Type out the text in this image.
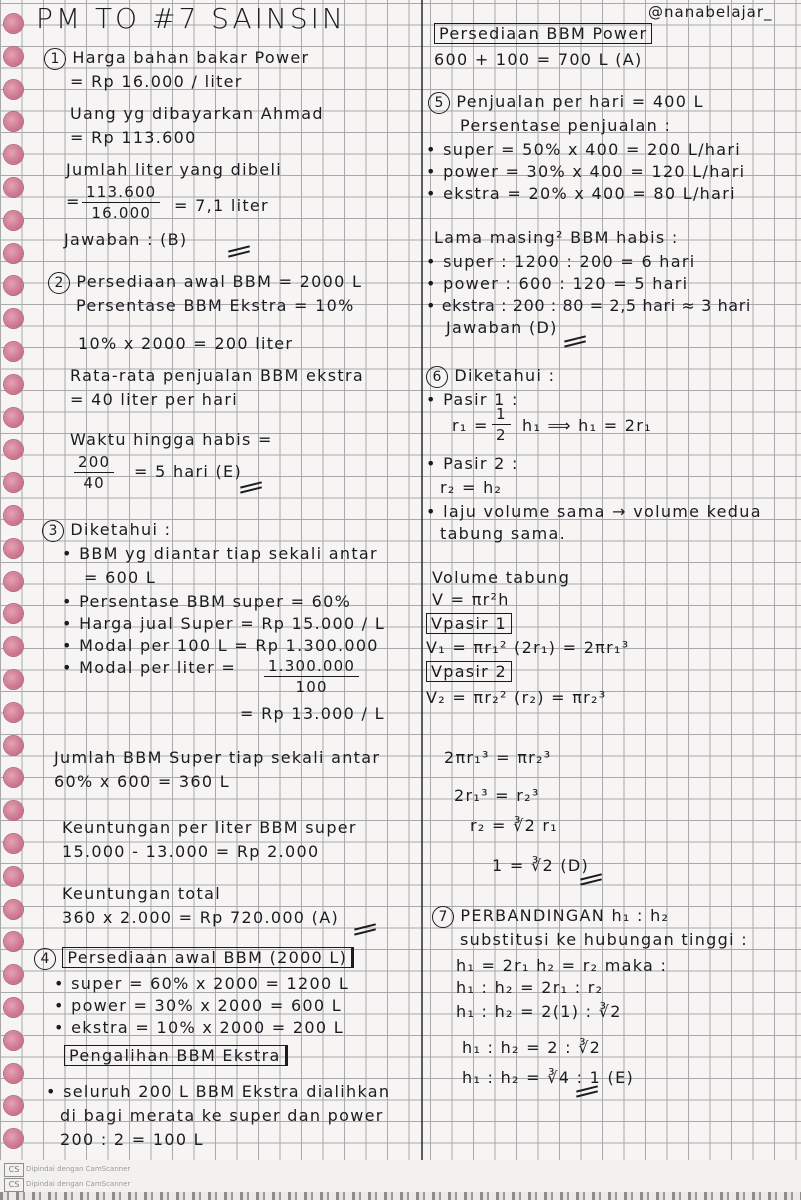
PM TO #7 SAINSIN
1 Harga bahan bakar Power
= Rp 16.000 / liter
Uang yg dibayarkan Ahmad
= Rp 113.600
Jumlah liter yang dibeli
= $\frac{113.600}{16.000} = 7,1$ liter
Jawaban : (B)
2 Persediaan awal BBM = 2000 L
Persentase BBM Ekstra = 10%
10% x 2000 = 200 liter
Rata-rata penjualan BBM ekstra
= 40 liter per hari
Waktu hingga habis =
$\frac{200}{40} = 5$ hari (E)
3 Diketahui :
• BBM yg diantar tiap sekali antar
= 600 L
• Persentase BBM super = 60%
• Harga jual Super = Rp 15.000 / L
• Modal per 100 L = Rp 1.300.000
• Modal per liter = $\frac{1.300.000}{100}$
= Rp 13.000 / L
Jumlah BBM Super tiap sekali antar
60% x 600 = 360 L
Keuntungan per liter BBM super
15.000 - 13.000 = Rp 2.000
Keuntungan total
360 x 2.000 = Rp 720.000 (A)
4 Persediaan awal BBM (2000 L)
• super = 60% x 2000 = 1200 L
• power = 30% x 2000 = 600 L
• ekstra = 10% x 2000 = 200 L
Pengalihan BBM Ekstra
• seluruh 200 L BBM Ekstra dialihkan
di bagi merata ke super dan power
200 : 2 = 100 L
@nanabelajar_
Persediaan BBM Power
600 + 100 = 700 L (A)
5 Penjualan per hari = 400 L
Persentase penjualan :
• super = 50% x 400 = 200 L/hari
• power = 30% x 400 = 120 L/hari
• ekstra = 20% x 400 = 80 L/hari
Lama masing² BBM habis :
• super : 1200 : 200 = 6 hari
• power : 600 : 120 = 5 hari
• ekstra : 200 : 80 = 2,5 hari ≈ 3 hari
Jawaban (D)
6 Diketahui :
• Pasir 1 :
$r_1 = \frac{1}{2} h_1$ ⟹ h₁ = 2r₁
• Pasir 2 :
r₂ = h₂
• laju volume sama → volume kedua
tabung sama.
Volume tabung
V = πr²h
Vpasir 1
V₁ = πr₁² (2r₁) = 2πr₁³
Vpasir 2
V₂ = πr₂² (r₂) = πr₂³
2πr₁³ = πr₂³
2r₁³ = r₂³
r₂ = ∛2 r₁
1 = ∛2 (D)
7 PERBANDINGAN h₁ : h₂
substitusi ke hubungan tinggi :
h₁ = 2r₁ h₂ = r₂ maka :
h₁ : h₂ = 2r₁ : r₂
h₁ : h₂ = 2(1) : ∛2
h₁ : h₂ = 2 : ∛2
h₁ : h₂ = ∛4 : 1 (E)
CS Dipindai dengan CamScanner
CS Dipindai dengan CamScanner
